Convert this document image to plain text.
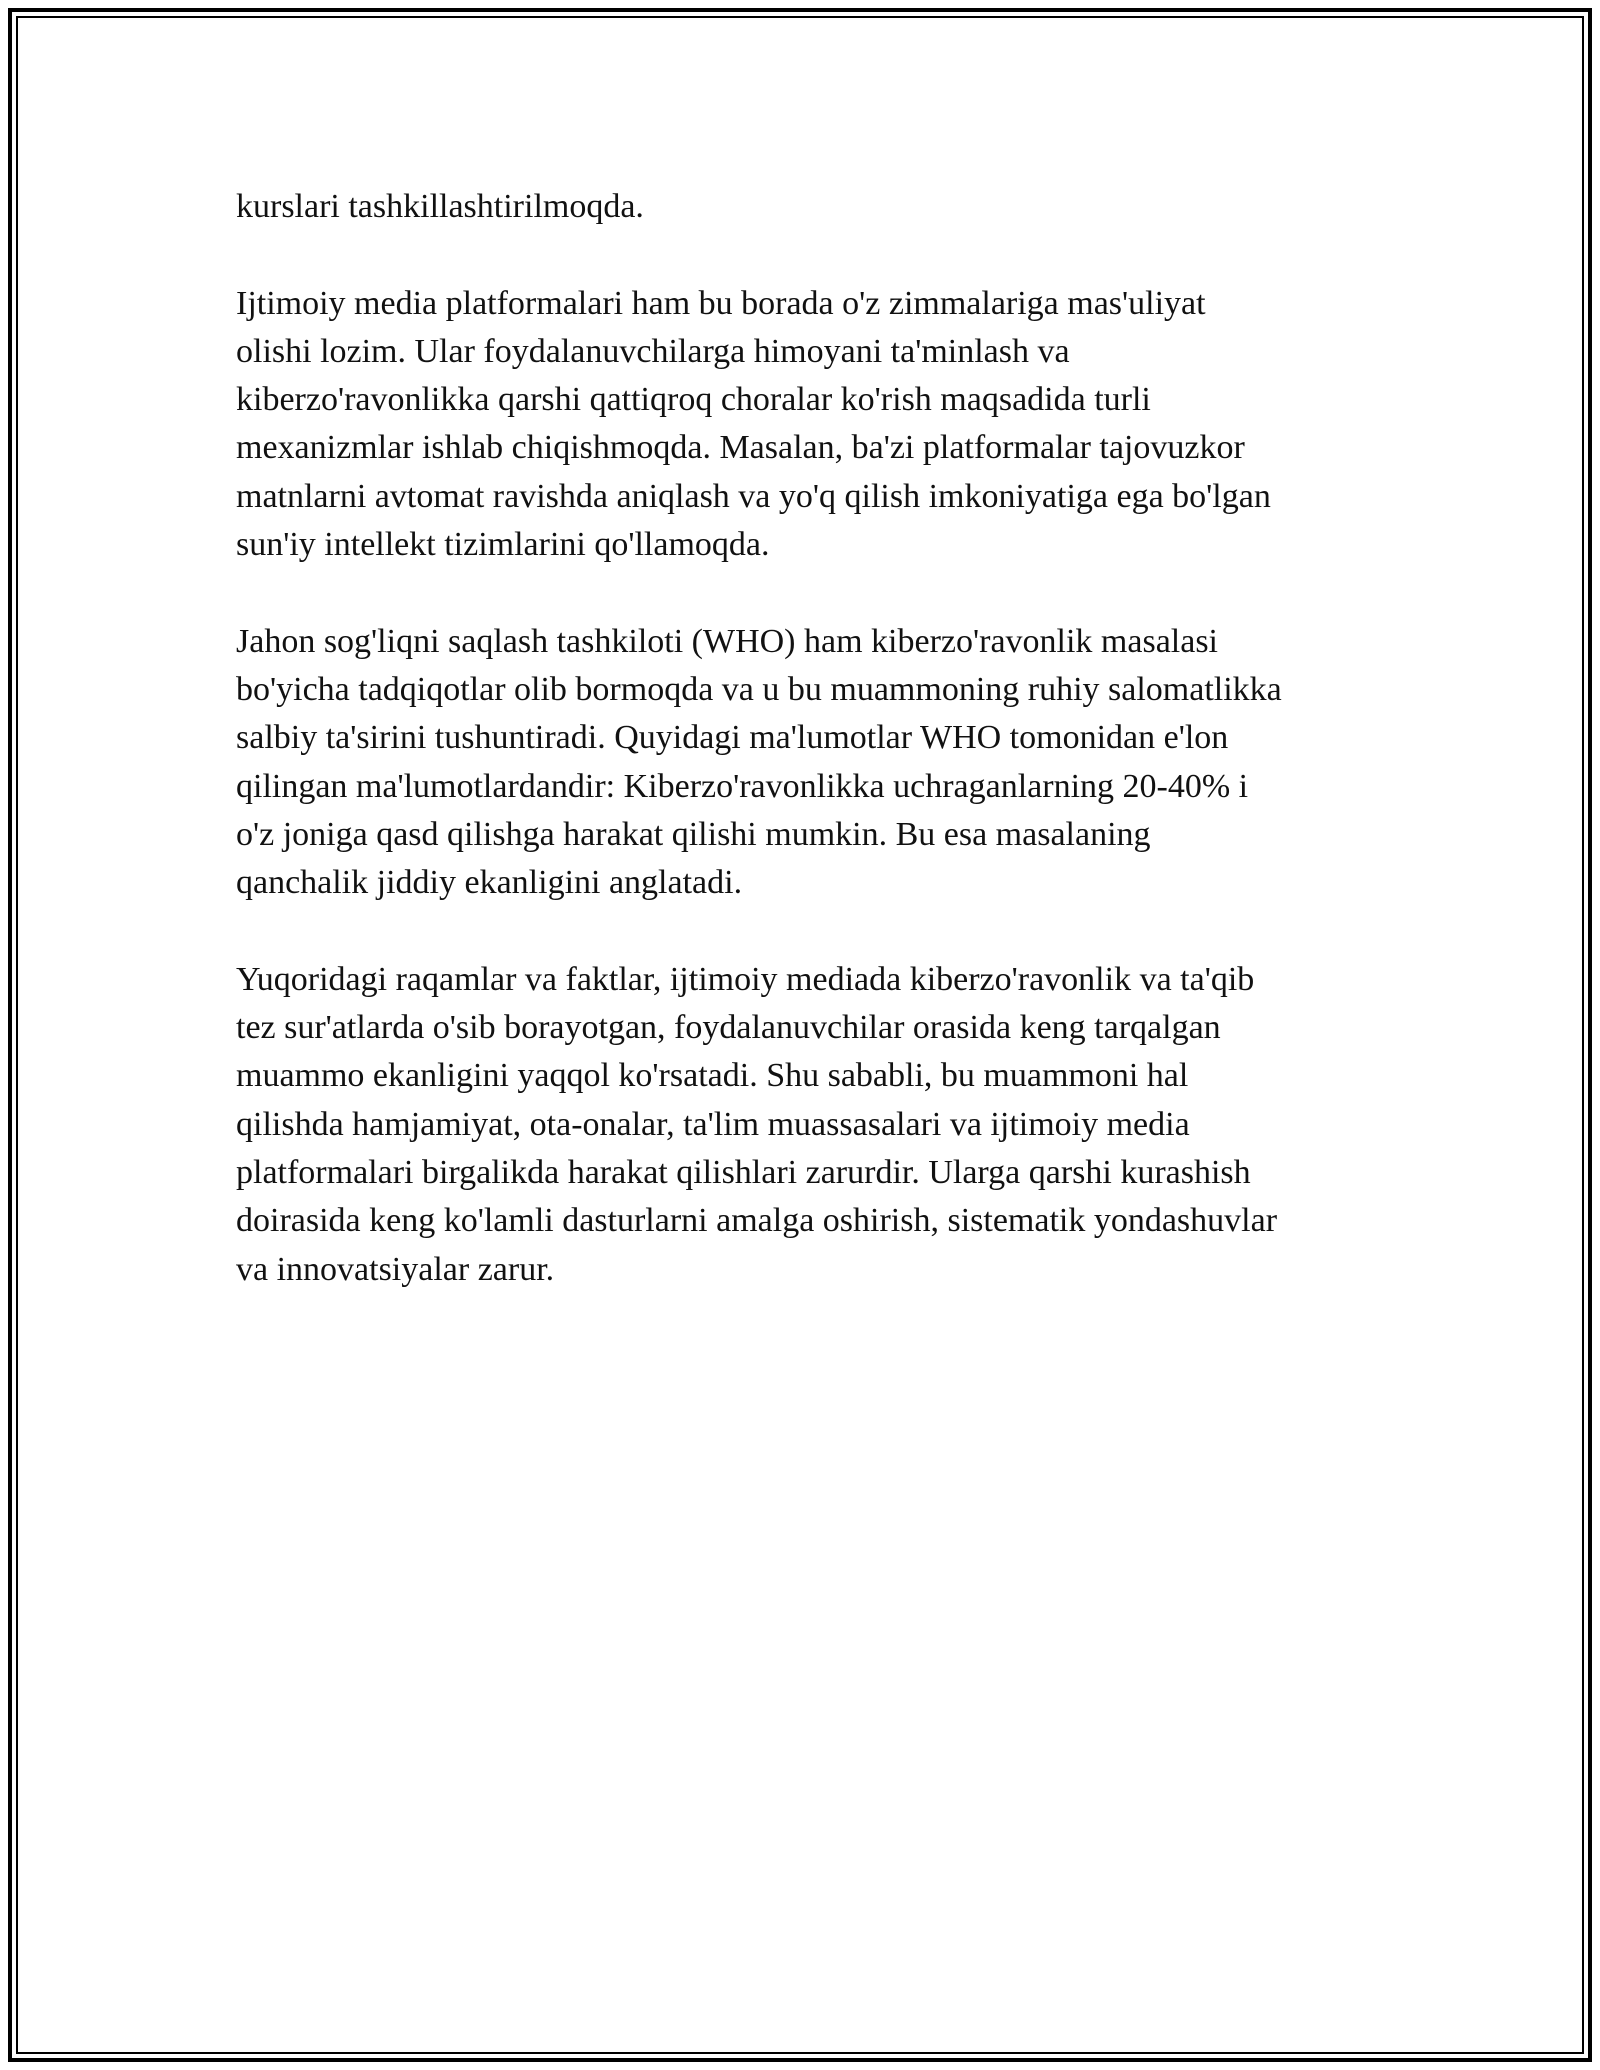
kurslari tashkillashtirilmoqda.

Ijtimoiy media platformalari ham bu borada o'z zimmalariga mas'uliyat
olishi lozim. Ular foydalanuvchilarga himoyani ta'minlash va
kiberzo'ravonlikka qarshi qattiqroq choralar ko'rish maqsadida turli
mexanizmlar ishlab chiqishmoqda. Masalan, ba'zi platformalar tajovuzkor
matnlarni avtomat ravishda aniqlash va yo'q qilish imkoniyatiga ega bo'lgan
sun'iy intellekt tizimlarini qo'llamoqda.

Jahon sog'liqni saqlash tashkiloti (WHO) ham kiberzo'ravonlik masalasi
bo'yicha tadqiqotlar olib bormoqda va u bu muammoning ruhiy salomatlikka
salbiy ta'sirini tushuntiradi. Quyidagi ma'lumotlar WHO tomonidan e'lon
qilingan ma'lumotlardandir: Kiberzo'ravonlikka uchraganlarning 20-40% i
o'z joniga qasd qilishga harakat qilishi mumkin. Bu esa masalaning
qanchalik jiddiy ekanligini anglatadi.

Yuqoridagi raqamlar va faktlar, ijtimoiy mediada kiberzo'ravonlik va ta'qib
tez sur'atlarda o'sib borayotgan, foydalanuvchilar orasida keng tarqalgan
muammo ekanligini yaqqol ko'rsatadi. Shu sababli, bu muammoni hal
qilishda hamjamiyat, ota-onalar, ta'lim muassasalari va ijtimoiy media
platformalari birgalikda harakat qilishlari zarurdir. Ularga qarshi kurashish
doirasida keng ko'lamli dasturlarni amalga oshirish, sistematik yondashuvlar
va innovatsiyalar zarur.
